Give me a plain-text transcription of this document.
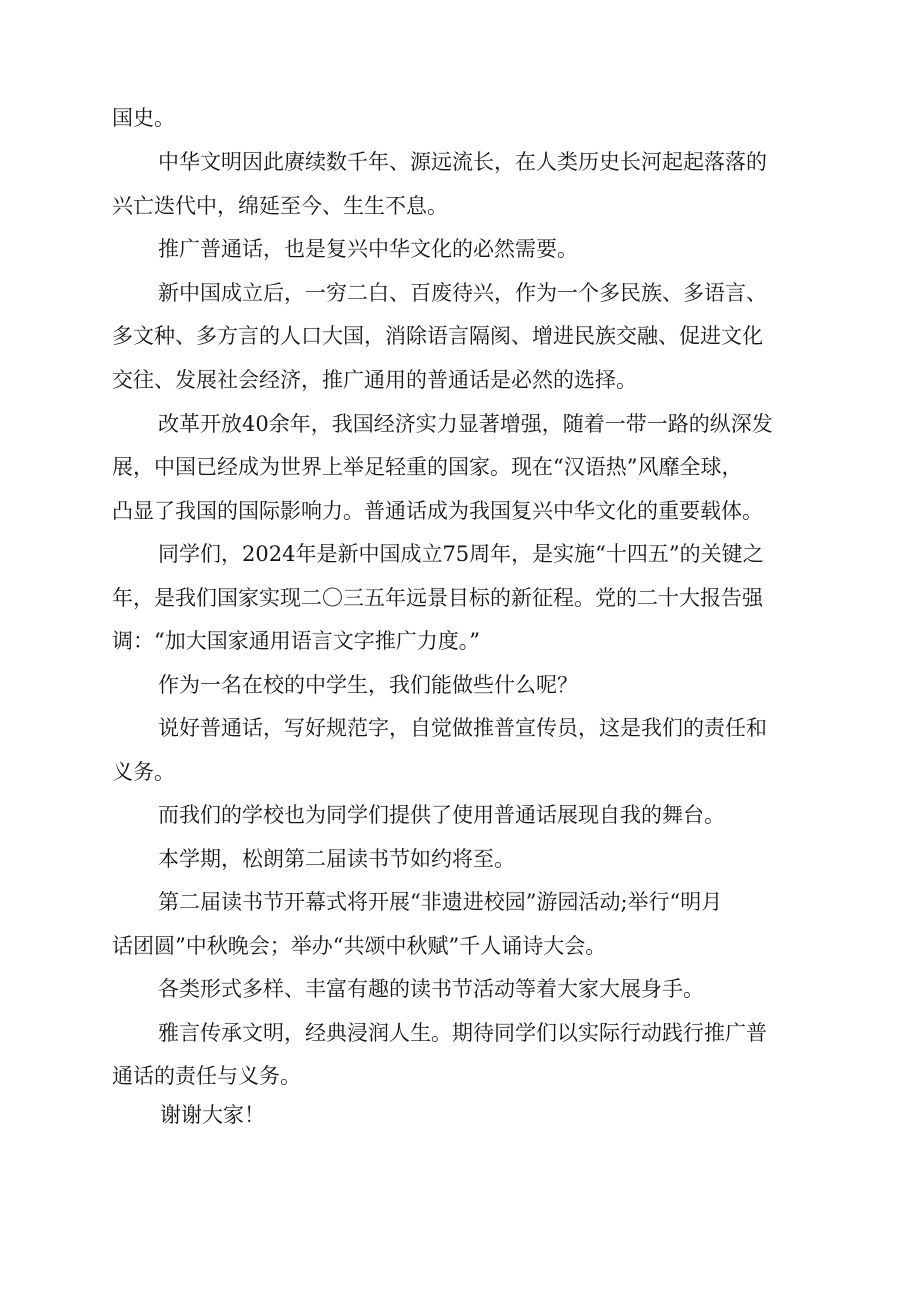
国史。
中华文明因此赓续数千年、源远流长，在人类历史长河起起落落的
兴亡迭代中，绵延至今、生生不息。
推广普通话，也是复兴中华文化的必然需要。
新中国成立后，一穷二白、百废待兴，作为一个多民族、多语言、
多文种、多方言的人口大国，消除语言隔阂、增进民族交融、促进文化
交往、发展社会经济，推广通用的普通话是必然的选择。
改革开放40余年，我国经济实力显著增强，随着一带一路的纵深发
展，中国已经成为世界上举足轻重的国家。现在“汉语热”风靡全球，
凸显了我国的国际影响力。普通话成为我国复兴中华文化的重要载体。
同学们，2024年是新中国成立75周年，是实施“十四五”的关键之
年，是我们国家实现二〇三五年远景目标的新征程。党的二十大报告强
调：“加大国家通用语言文字推广力度。”
作为一名在校的中学生，我们能做些什么呢？
说好普通话，写好规范字，自觉做推普宣传员，这是我们的责任和
义务。
而我们的学校也为同学们提供了使用普通话展现自我的舞台。
本学期，松朗第二届读书节如约将至。
第二届读书节开幕式将开展“非遗进校园”游园活动;举行“明月
话团圆”中秋晚会；举办“共颂中秋赋”千人诵诗大会。
各类形式多样、丰富有趣的读书节活动等着大家大展身手。
雅言传承文明，经典浸润人生。期待同学们以实际行动践行推广普
通话的责任与义务。
谢谢大家！
